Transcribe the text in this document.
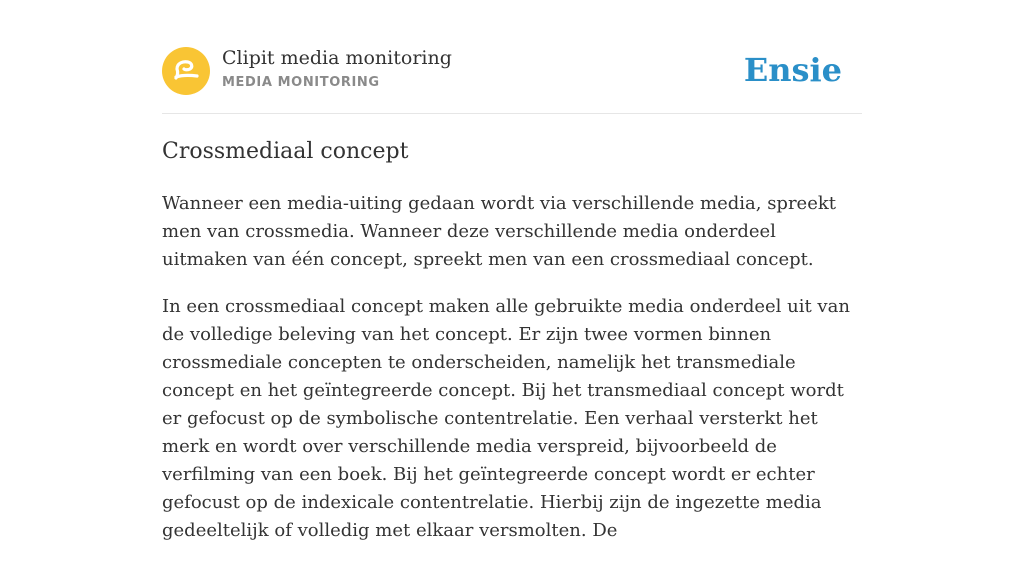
Clipit media monitoring
MEDIA MONITORING	Ensie
Crossmediaal concept

Wanneer een media-uiting gedaan wordt via verschillende media, spreekt men van crossmedia. Wanneer deze verschillende media onderdeel uitmaken van één concept, spreekt men van een crossmediaal concept.

In een crossmediaal concept maken alle gebruikte media onderdeel uit van de volledige beleving van het concept. Er zijn twee vormen binnen crossmediale concepten te onderscheiden, namelijk het transmediale concept en het geïntegreerde concept. Bij het transmediaal concept wordt er gefocust op de symbolische contentrelatie. Een verhaal versterkt het merk en wordt over verschillende media verspreid, bijvoorbeeld de verfilming van een boek. Bij het geïntegreerde concept wordt er echter gefocust op de indexicale contentrelatie. Hierbij zijn de ingezette media gedeeltelijk of volledig met elkaar versmolten. De
